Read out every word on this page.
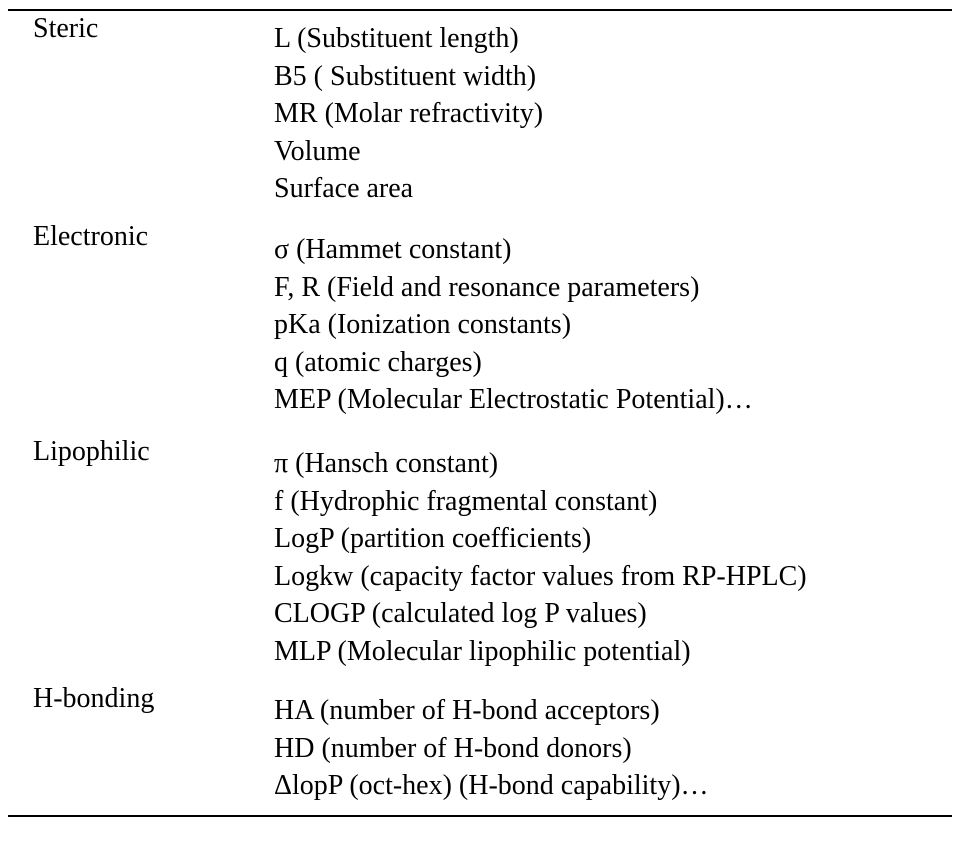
Steric	L (Substituent length)
B5 ( Substituent width)
MR (Molar refractivity)
Volume
Surface area
Electronic	σ (Hammet constant)
F, R (Field and resonance parameters)
pKa (Ionization constants)
q (atomic charges)
MEP (Molecular Electrostatic Potential)…
Lipophilic	π (Hansch constant)
f (Hydrophic fragmental constant)
LogP (partition coefficients)
Logkw (capacity factor values from RP-HPLC)
CLOGP (calculated log P values)
MLP (Molecular lipophilic potential)
H-bonding	HA (number of H-bond acceptors)
HD (number of H-bond donors)
ΔlopP (oct-hex) (H-bond capability)…
